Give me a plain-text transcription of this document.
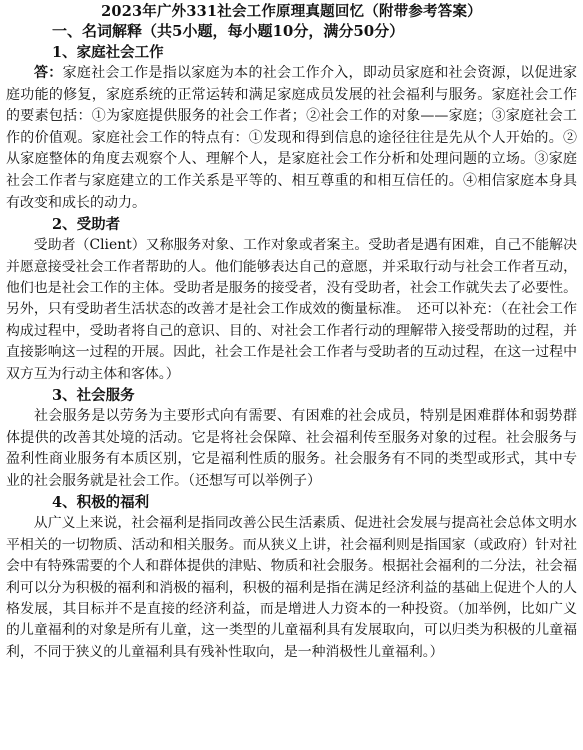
2023年广外331社会工作原理真题回忆（附带参考答案）
一、名词解释（共5小题，每小题10分，满分50分）
1 、 家庭社会工作

答：家庭社会工作是指以家庭为本的社会工作介入，即动员家庭和社会资源，以促进家庭功能的修复，家庭系统的正常运转和满足家庭成员发展的社会福利与服务。家庭社会工作的要素包括：①为家庭提供服务的社会工作者；②社会工作的对象——家庭；③家庭社会工作的价值观。家庭社会工作的特点有：①发现和得到信息的途径往往是先从个人开始的。②从家庭整体的角度去观察个人、理解个人，是家庭社会工作分析和处理问题的立场。③家庭社会工作者与家庭建立的工作关系是平等的、相互尊重的和相互信任的。④相信家庭本身具有改变和成长的动力。

2 、 受助者

受助者（Client）又称服务对象、工作对象或者案主。受助者是遇有困难，自己不能解决并愿意接受社会工作者帮助的人。他们能够表达自己的意愿，并采取行动与社会工作者互动，他们也是社会工作的主体。受助者是服务的接受者，没有受助者，社会工作就失去了必要性。另外，只有受助者生活状态的改善才是社会工作成效的衡量标准。　还可以补充：（在社会工作构成过程中，受助者将自己的意识、目的、对社会工作者行动的理解带入接受帮助的过程，并直接影响这一过程的开展。因此，社会工作是社会工作者与受助者的互动过程，在这一过程中双方互为行动主体和客体。）

3 、 社会服务

社会服务是以劳务为主要形式向有需要、有困难的社会成员，特别是困难群体和弱势群体提供的改善其处境的活动。它是将社会保障、社会福利传至服务对象的过程。社会服务与盈利性商业服务有本质区别，它是福利性质的服务。社会服务有不同的类型或形式，其中专业的社会服务就是社会工作。（还想写可以举例子）

4 、 积极的福利

从广义上来说，社会福利是指同改善公民生活素质、促进社会发展与提高社会总体文明水平相关的一切物质、活动和相关服务。而从狭义上讲，社会福利则是指国家（或政府）针对社会中有特殊需要的个人和群体提供的津贴、物质和社会服务。根据社会福利的二分法，社会福利可以分为积极的福利和消极的福利，积极的福利是指在满足经济利益的基础上促进个人的人格发展，其目标并不是直接的经济利益，而是增进人力资本的一种投资。（加举例，比如广义的儿童福利的对象是所有儿童，这一类型的儿童福利具有发展取向，可以归类为积极的儿童福利，不同于狭义的儿童福利具有残补性取向，是一种消极性儿童福利。）
